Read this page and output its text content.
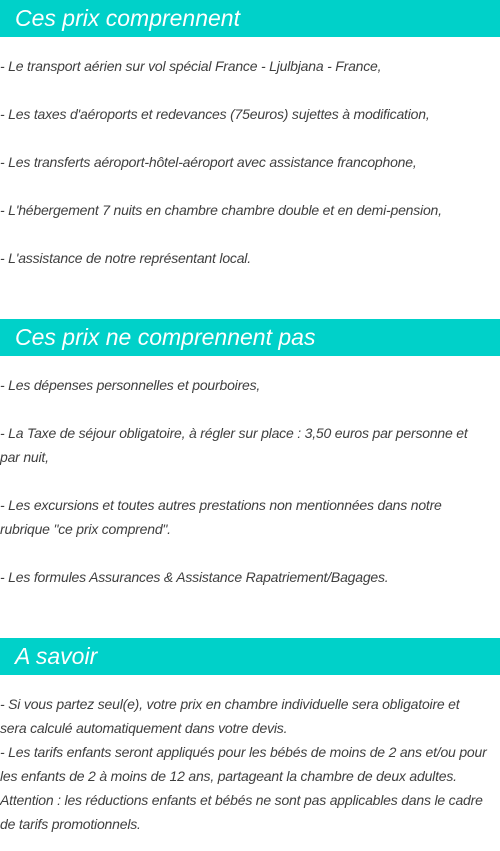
Ces prix comprennent
- Le transport aérien sur vol spécial France - Ljulbjana - France,
- Les taxes d'aéroports et redevances (75euros) sujettes à modification,
- Les transferts aéroport-hôtel-aéroport avec assistance francophone,
- L'hébergement 7 nuits en chambre chambre double et en demi-pension,
- L'assistance de notre représentant local.
Ces prix ne comprennent pas
- Les dépenses personnelles et pourboires,
- La Taxe de séjour obligatoire, à régler sur place : 3,50 euros par personne et
par nuit,
- Les excursions et toutes autres prestations non mentionnées dans notre
rubrique "ce prix comprend".
- Les formules Assurances & Assistance Rapatriement/Bagages.
A savoir
- Si vous partez seul(e), votre prix en chambre individuelle sera obligatoire et
sera calculé automatiquement dans votre devis.
- Les tarifs enfants seront appliqués pour les bébés de moins de 2 ans et/ou pour
les enfants de 2 à moins de 12 ans, partageant la chambre de deux adultes.
Attention : les réductions enfants et bébés ne sont pas applicables dans le cadre
de tarifs promotionnels.
